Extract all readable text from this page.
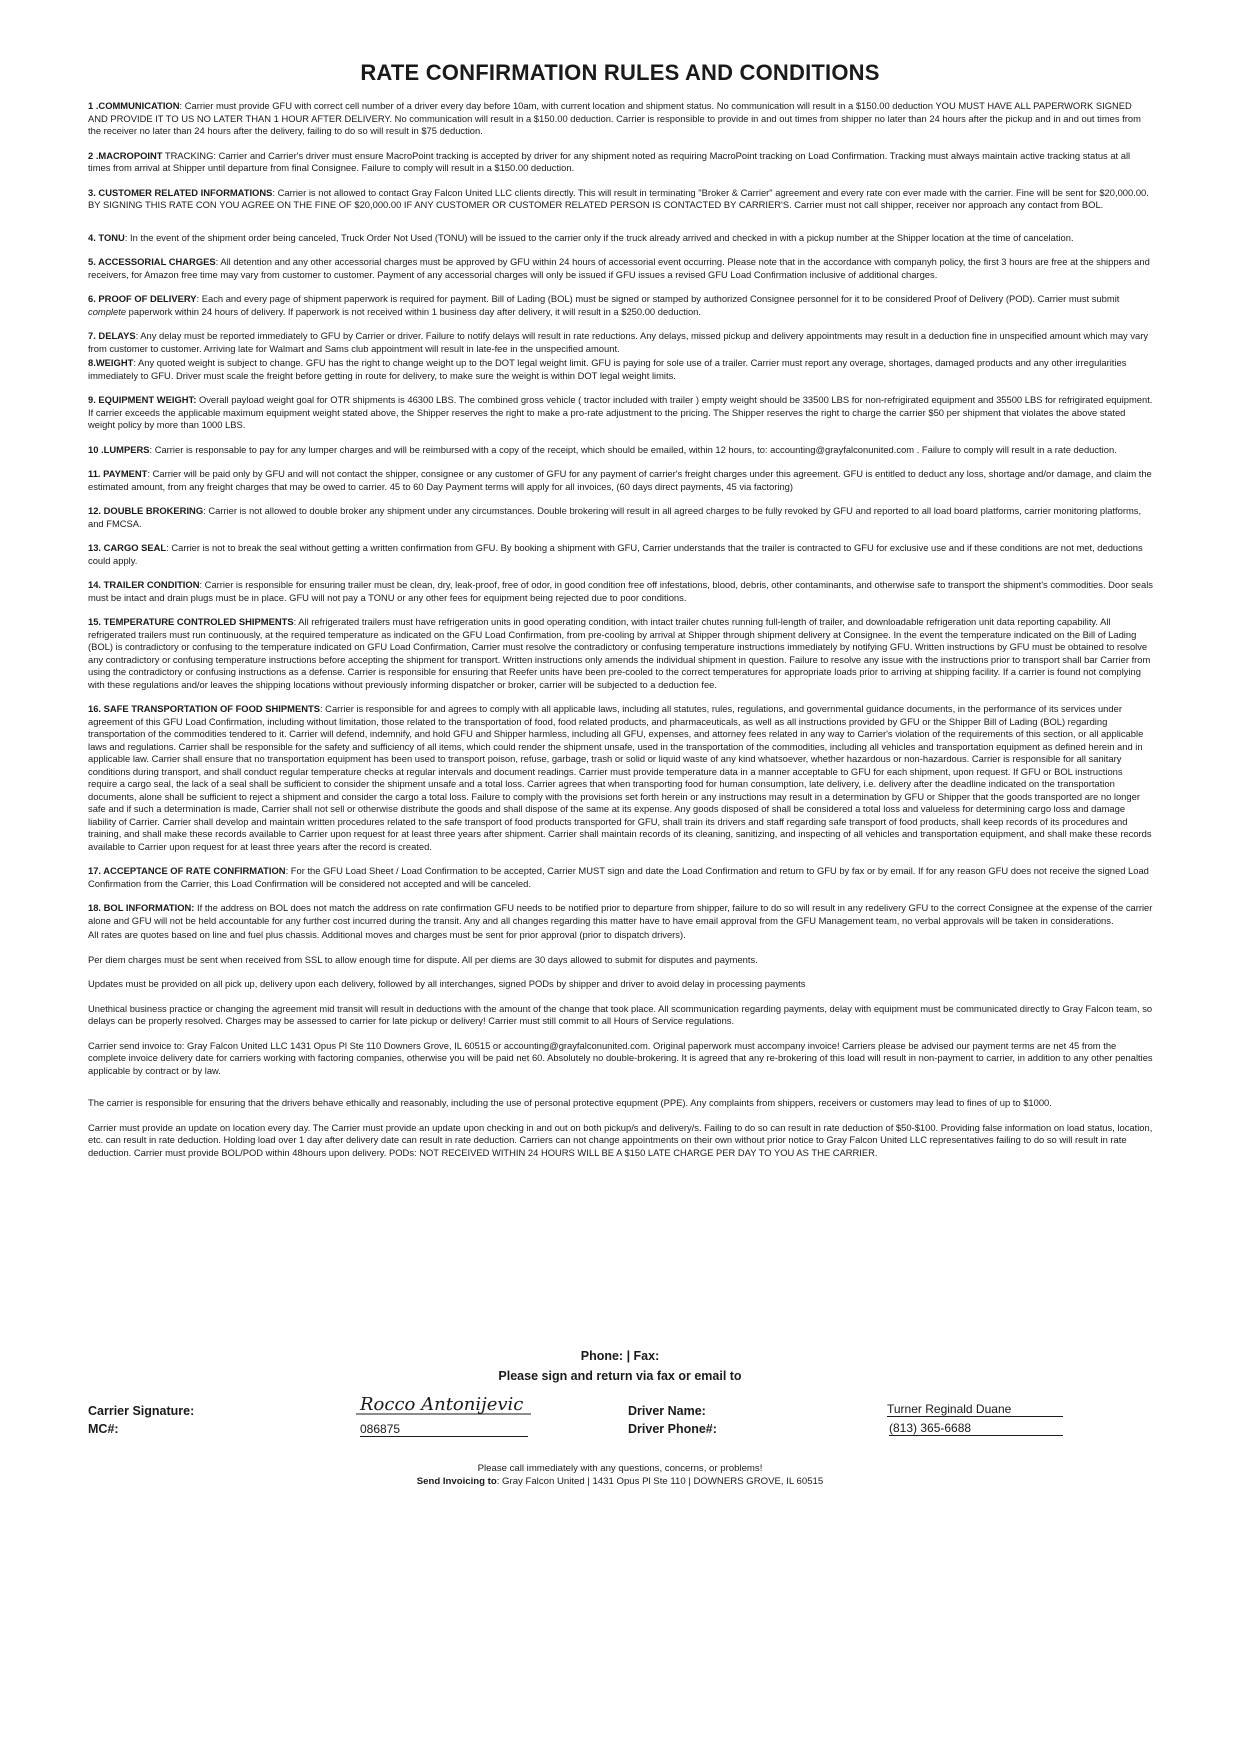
RATE CONFIRMATION RULES AND CONDITIONS

1 .COMMUNICATION: Carrier must provide GFU with correct cell number of a driver every day before 10am, with current location and shipment status. No communication will result in a $150.00 deduction YOU MUST HAVE ALL PAPERWORK SIGNED AND PROVIDE IT TO US NO LATER THAN 1 HOUR AFTER DELIVERY. No communication will result in a $150.00 deduction. Carrier is responsible to provide in and out times from shipper no later than 24 hours after the pickup and in and out times from the receiver no later than 24 hours after the delivery, failing to do so will result in $75 deduction.

2 .MACROPOINT TRACKING: Carrier and Carrier's driver must ensure MacroPoint tracking is accepted by driver for any shipment noted as requiring MacroPoint tracking on Load Confirmation. Tracking must always maintain active tracking status at all times from arrival at Shipper until departure from final Consignee. Failure to comply will result in a $150.00 deduction.

3. CUSTOMER RELATED INFORMATIONS: Carrier is not allowed to contact Gray Falcon United LLC clients directly. This will result in terminating "Broker & Carrier" agreement and every rate con ever made with the carrier. Fine will be sent for $20,000.00. BY SIGNING THIS RATE CON YOU AGREE ON THE FINE OF $20,000.00 IF ANY CUSTOMER OR CUSTOMER RELATED PERSON IS CONTACTED BY CARRIER'S. Carrier must not call shipper, receiver nor approach any contact from BOL.

4. TONU: In the event of the shipment order being canceled, Truck Order Not Used (TONU) will be issued to the carrier only if the truck already arrived and checked in with a pickup number at the Shipper location at the time of cancelation.

5. ACCESSORIAL CHARGES: All detention and any other accessorial charges must be approved by GFU within 24 hours of accessorial event occurring. Please note that in the accordance with companyh policy, the first 3 hours are free at the shippers and receivers, for Amazon free time may vary from customer to customer. Payment of any accessorial charges will only be issued if GFU issues a revised GFU Load Confirmation inclusive of additional charges.

6. PROOF OF DELIVERY: Each and every page of shipment paperwork is required for payment. Bill of Lading (BOL) must be signed or stamped by authorized Consignee personnel for it to be considered Proof of Delivery (POD). Carrier must submit complete paperwork within 24 hours of delivery. If paperwork is not received within 1 business day after delivery, it will result in a $250.00 deduction.

7. DELAYS: Any delay must be reported immediately to GFU by Carrier or driver. Failure to notify delays will result in rate reductions. Any delays, missed pickup and delivery appointments may result in a deduction fine in unspecified amount which may vary from customer to customer. Arriving late for Walmart and Sams club appointment will result in late-fee in the unspecified amount.

8.WEIGHT: Any quoted weight is subject to change. GFU has the right to change weight up to the DOT legal weight limit. GFU is paying for sole use of a trailer. Carrier must report any overage, shortages, damaged products and any other irregularities immediately to GFU. Driver must scale the freight before getting in route for delivery, to make sure the weight is within DOT legal weight limits.

9. EQUIPMENT WEIGHT: Overall payload weight goal for OTR shipments is 46300 LBS. The combined gross vehicle ( tractor included with trailer ) empty weight should be 33500 LBS for non-refrigirated equipment and 35500 LBS for refrigirated equipment. If carrier exceeds the applicable maximum equipment weight stated above, the Shipper reserves the right to make a pro-rate adjustment to the pricing. The Shipper reserves the right to charge the carrier $50 per shipment that violates the above stated weight policy by more than 1000 LBS.

10 .LUMPERS: Carrier is responsable to pay for any lumper charges and will be reimbursed with a copy of the receipt, which should be emailed, within 12 hours, to: accounting@grayfalconunited.com . Failure to comply will result in a rate deduction.

11. PAYMENT: Carrier will be paid only by GFU and will not contact the shipper, consignee or any customer of GFU for any payment of carrier's freight charges under this agreement. GFU is entitled to deduct any loss, shortage and/or damage, and claim the estimated amount, from any freight charges that may be owed to carrier. 45 to 60 Day Payment terms will apply for all invoices, (60 days direct payments, 45 via factoring)

12. DOUBLE BROKERING: Carrier is not allowed to double broker any shipment under any circumstances. Double brokering will result in all agreed charges to be fully revoked by GFU and reported to all load board platforms, carrier monitoring platforms, and FMCSA.

13. CARGO SEAL: Carrier is not to break the seal without getting a written confirmation from GFU. By booking a shipment with GFU, Carrier understands that the trailer is contracted to GFU for exclusive use and if these conditions are not met, deductions could apply.

14. TRAILER CONDITION: Carrier is responsible for ensuring trailer must be clean, dry, leak-proof, free of odor, in good condition free off infestations, blood, debris, other contaminants, and otherwise safe to transport the shipment's commodities. Door seals must be intact and drain plugs must be in place. GFU will not pay a TONU or any other fees for equipment being rejected due to poor conditions.

15. TEMPERATURE CONTROLED SHIPMENTS: All refrigerated trailers must have refrigeration units in good operating condition, with intact trailer chutes running full-length of trailer, and downloadable refrigeration unit data reporting capability. All refrigerated trailers must run continuously, at the required temperature as indicated on the GFU Load Confirmation, from pre-cooling by arrival at Shipper through shipment delivery at Consignee. In the event the temperature indicated on the Bill of Lading (BOL) is contradictory or confusing to the temperature indicated on GFU Load Confirmation, Carrier must resolve the contradictory or confusing temperature instructions immediately by notifying GFU. Written instructions by GFU must be obtained to resolve any contradictory or confusing temperature instructions before accepting the shipment for transport. Written instructions only amends the individual shipment in question. Failure to resolve any issue with the instructions prior to transport shall bar Carrier from using the contradictory or confusing instructions as a defense. Carrier is responsible for ensuring that Reefer units have been pre-cooled to the correct temperatures for appropriate loads prior to arriving at shipping facility. If a carrier is found not complying with these regulations and/or leaves the shipping locations without previously informing dispatcher or broker, carrier will be subjected to a deduction fee.

16. SAFE TRANSPORTATION OF FOOD SHIPMENTS: Carrier is responsible for and agrees to comply with all applicable laws, including all statutes, rules, regulations, and governmental guidance documents, in the performance of its services under agreement of this GFU Load Confirmation, including without limitation, those related to the transportation of food, food related products, and pharmaceuticals, as well as all instructions provided by GFU or the Shipper Bill of Lading (BOL) regarding transportation of the commodities tendered to it. Carrier will defend, indemnify, and hold GFU and Shipper harmless, including all GFU, expenses, and attorney fees related in any way to Carrier's violation of the requirements of this section, or all applicable laws and regulations. Carrier shall be responsible for the safety and sufficiency of all items, which could render the shipment unsafe, used in the transportation of the commodities, including all vehicles and transportation equipment as defined herein and in applicable law. Carrier shall ensure that no transportation equipment has been used to transport poison, refuse, garbage, trash or solid or liquid waste of any kind whatsoever, whether hazardous or non-hazardous. Carrier is responsible for all sanitary conditions during transport, and shall conduct regular temperature checks at regular intervals and document readings. Carrier must provide temperature data in a manner acceptable to GFU for each shipment, upon request. If GFU or BOL instructions require a cargo seal, the lack of a seal shall be sufficient to consider the shipment unsafe and a total loss. Carrier agrees that when transporting food for human consumption, late delivery, i.e. delivery after the deadline indicated on the transportation documents, alone shall be sufficient to reject a shipment and consider the cargo a total loss. Failure to comply with the provisions set forth herein or any instructions may result in a determination by GFU or Shipper that the goods transported are no longer safe and if such a determination is made, Carrier shall not sell or otherwise distribute the goods and shall dispose of the same at its expense. Any goods disposed of shall be considered a total loss and valueless for determining cargo loss and damage liability of Carrier. Carrier shall develop and maintain written procedures related to the safe transport of food products transported for GFU, shall train its drivers and staff regarding safe transport of food products, shall keep records of its procedures and training, and shall make these records available to Carrier upon request for at least three years after shipment. Carrier shall maintain records of its cleaning, sanitizing, and inspecting of all vehicles and transportation equipment, and shall make these records available to Carrier upon request for at least three years after the record is created.

17. ACCEPTANCE OF RATE CONFIRMATION: For the GFU Load Sheet / Load Confirmation to be accepted, Carrier MUST sign and date the Load Confirmation and return to GFU by fax or by email. If for any reason GFU does not receive the signed Load Confirmation from the Carrier, this Load Confirmation will be considered not accepted and will be canceled.

18. BOL INFORMATION: If the address on BOL does not match the address on rate confirmation GFU needs to be notified prior to departure from shipper, failure to do so will result in any redelivery GFU to the correct Consignee at the expense of the carrier alone and GFU will not be held accountable for any further cost incurred during the transit. Any and all changes regarding this matter have to have email approval from the GFU Management team, no verbal approvals will be taken in considerations.

All rates are quotes based on line and fuel plus chassis. Additional moves and charges must be sent for prior approval (prior to dispatch drivers).

Per diem charges must be sent when received from SSL to allow enough time for dispute. All per diems are 30 days allowed to submit for disputes and payments.

Updates must be provided on all pick up, delivery upon each delivery, followed by all interchanges, signed PODs by shipper and driver to avoid delay in processing payments

Unethical business practice or changing the agreement mid transit will result in deductions with the amount of the change that took place. All scommunication regarding payments, delay with equipment must be communicated directly to Gray Falcon team, so delays can be properly resolved. Charges may be assessed to carrier for late pickup or delivery! Carrier must still commit to all Hours of Service regulations.

Carrier send invoice to: Gray Falcon United LLC 1431 Opus Pl Ste 110 Downers Grove, IL 60515 or accounting@grayfalconunited.com. Original paperwork must accompany invoice! Carriers please be advised our payment terms are net 45 from the complete invoice delivery date for carriers working with factoring companies, otherwise you will be paid net 60. Absolutely no double-brokering. It is agreed that any re-brokering of this load will result in non-payment to carrier, in addition to any other penalties applicable by contract or by law.

The carrier is responsible for ensuring that the drivers behave ethically and reasonably, including the use of personal protective equpment (PPE). Any complaints from shippers, receivers or customers may lead to fines of up to $1000.

Carrier must provide an update on location every day. The Carrier must provide an update upon checking in and out on both pickup/s and delivery/s. Failing to do so can result in rate deduction of $50-$100. Providing false information on load status, location, etc. can result in rate deduction. Holding load over 1 day after delivery date can result in rate deduction. Carriers can not change appointments on their own without prior notice to Gray Falcon United LLC representatives failing to do so will result in rate deduction. Carrier must provide BOL/POD within 48hours upon delivery. PODs: NOT RECEIVED WITHIN 24 HOURS WILL BE A $150 LATE CHARGE PER DAY TO YOU AS THE CARRIER.

Phone: | Fax:
Please sign and return via fax or email to
Carrier Signature:
MC#:
Rocco Antonijevic
086875
Driver Name:
Driver Phone#:
Turner Reginald Duane
(813) 365-6688
Please call immediately with any questions, concerns, or problems!
Send Invoicing to: Gray Falcon United | 1431 Opus Pl Ste 110 | DOWNERS GROVE, IL 60515
